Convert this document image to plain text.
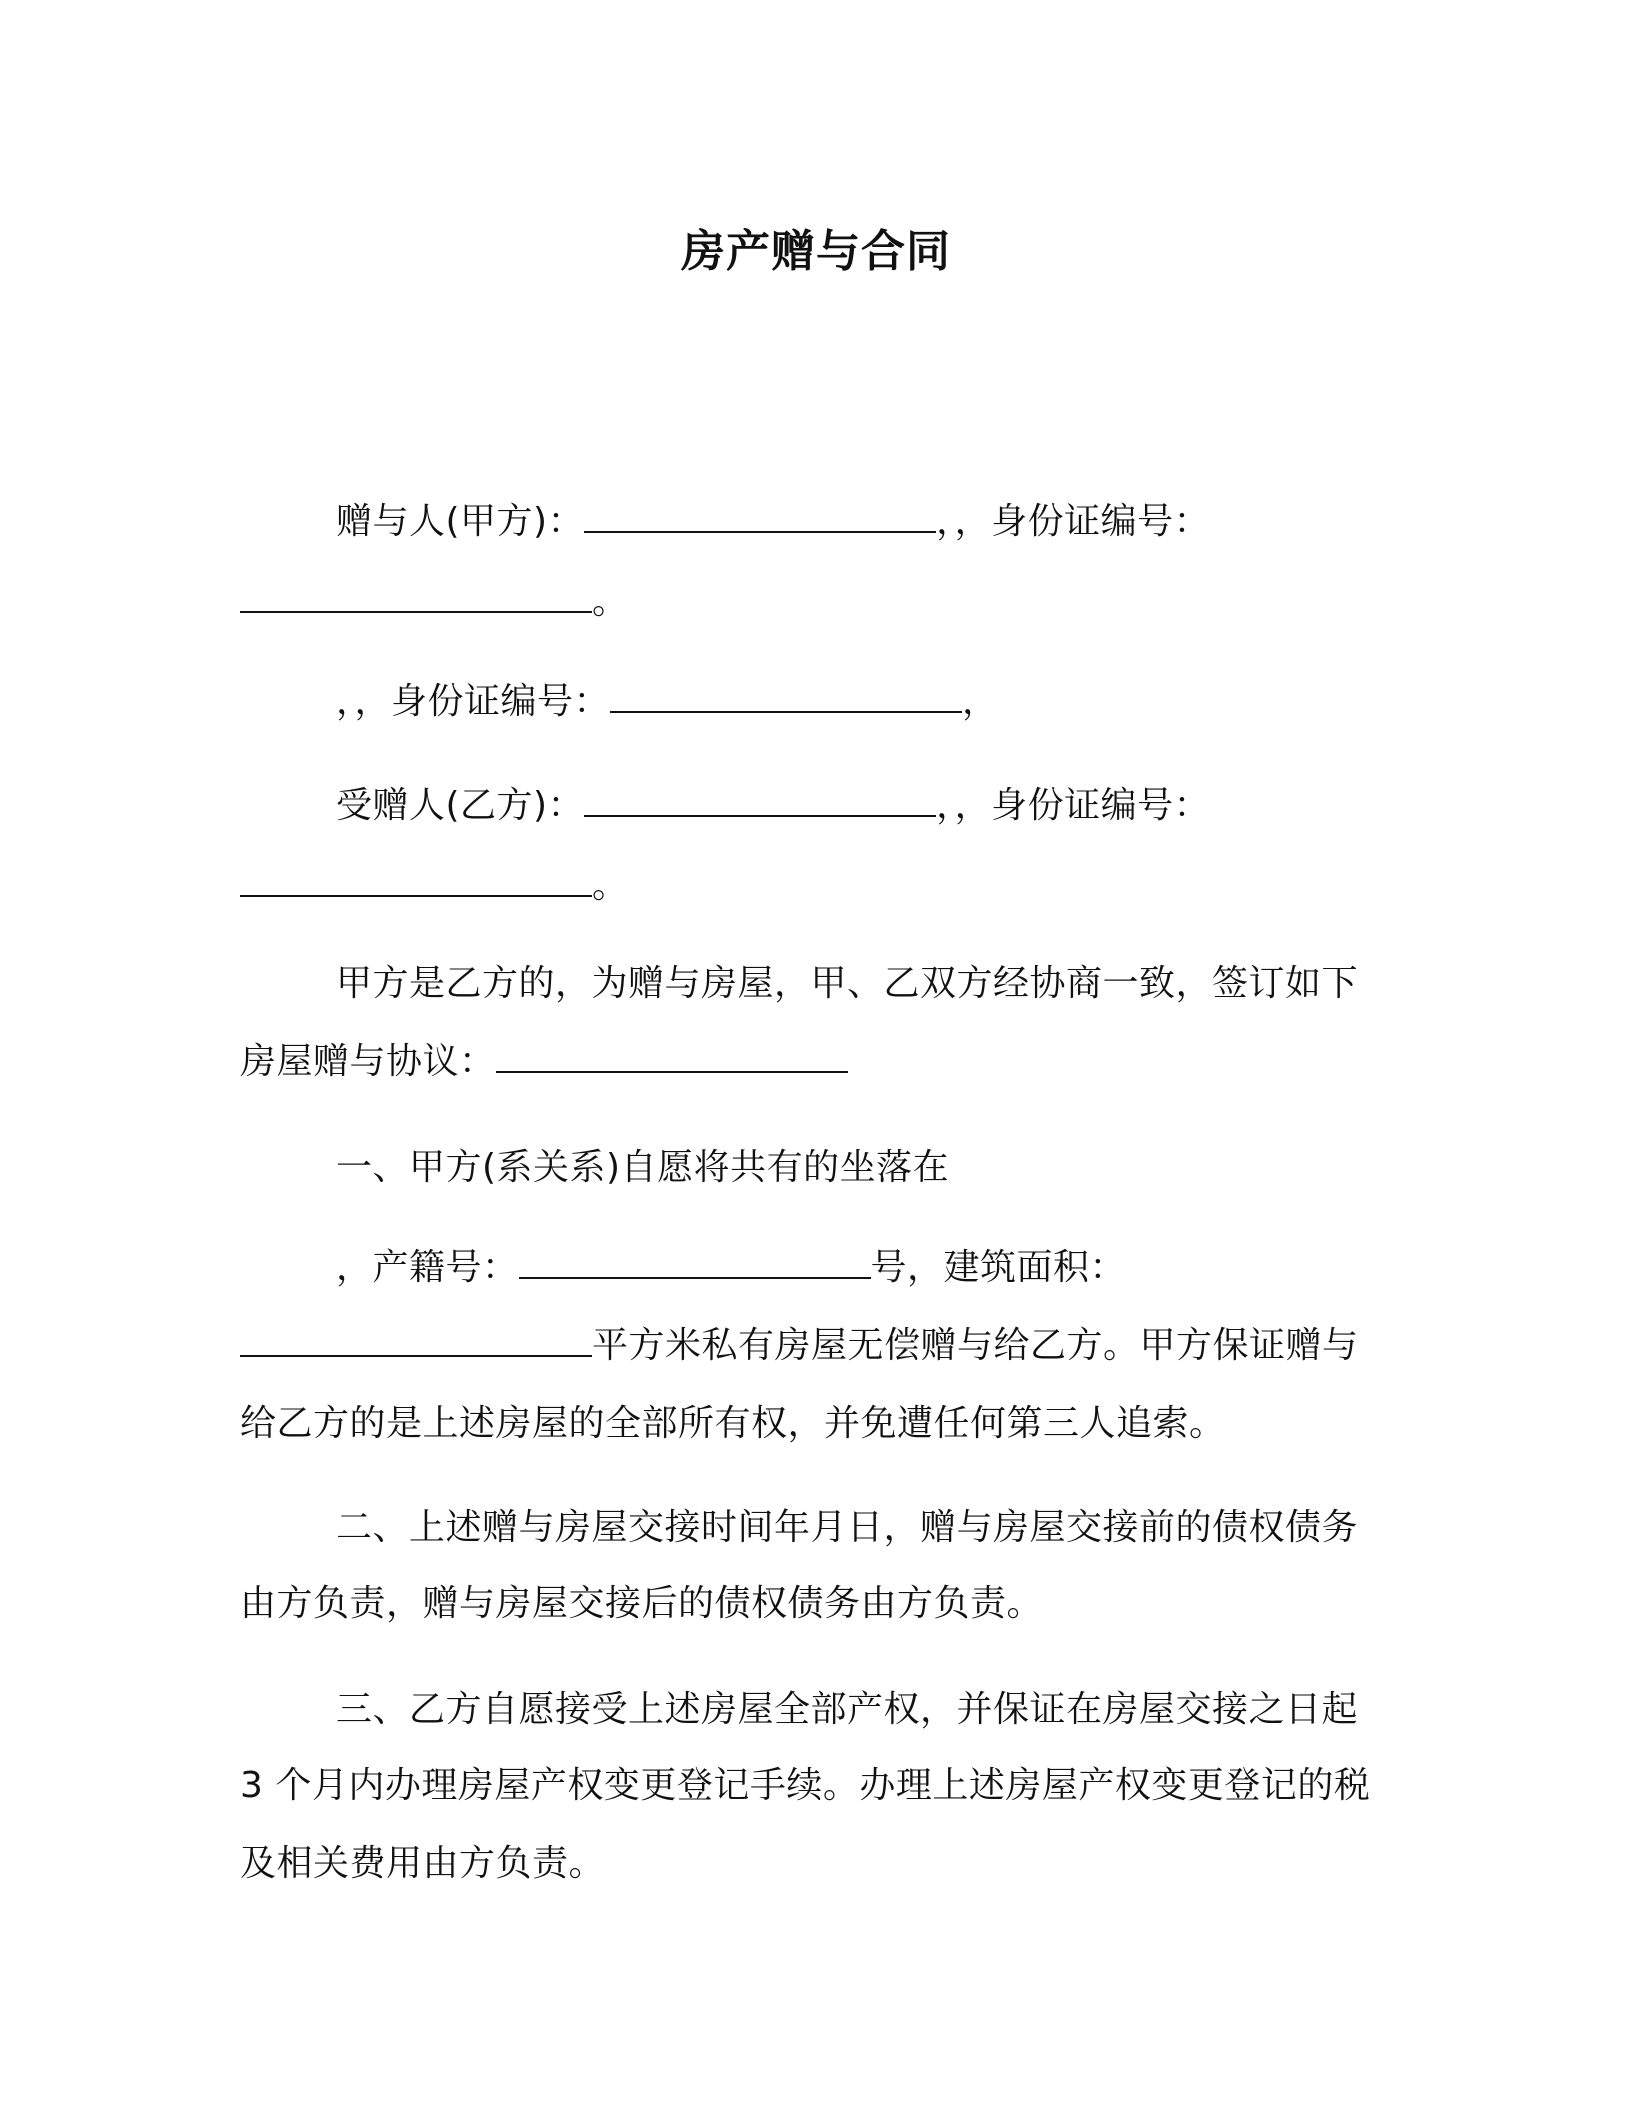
房产赠与合同
赠与人(甲方)：	，，身份证编号：
。
，，身份证编号：	，
受赠人(乙方)：	，，身份证编号：
。
甲方是乙方的，为赠与房屋，甲、乙双方经协商一致，签订如下
房屋赠与协议：
一、甲方(系关系)自愿将共有的坐落在
，产籍号：	号，建筑面积：
平方米私有房屋无偿赠与给乙方。甲方保证赠与
给乙方的是上述房屋的全部所有权，并免遭任何第三人追索。
二、上述赠与房屋交接时间年月日，赠与房屋交接前的债权债务
由方负责，赠与房屋交接后的债权债务由方负责。
三、乙方自愿接受上述房屋全部产权，并保证在房屋交接之日起
3 个月内办理房屋产权变更登记手续。办理上述房屋产权变更登记的税
及相关费用由方负责。
